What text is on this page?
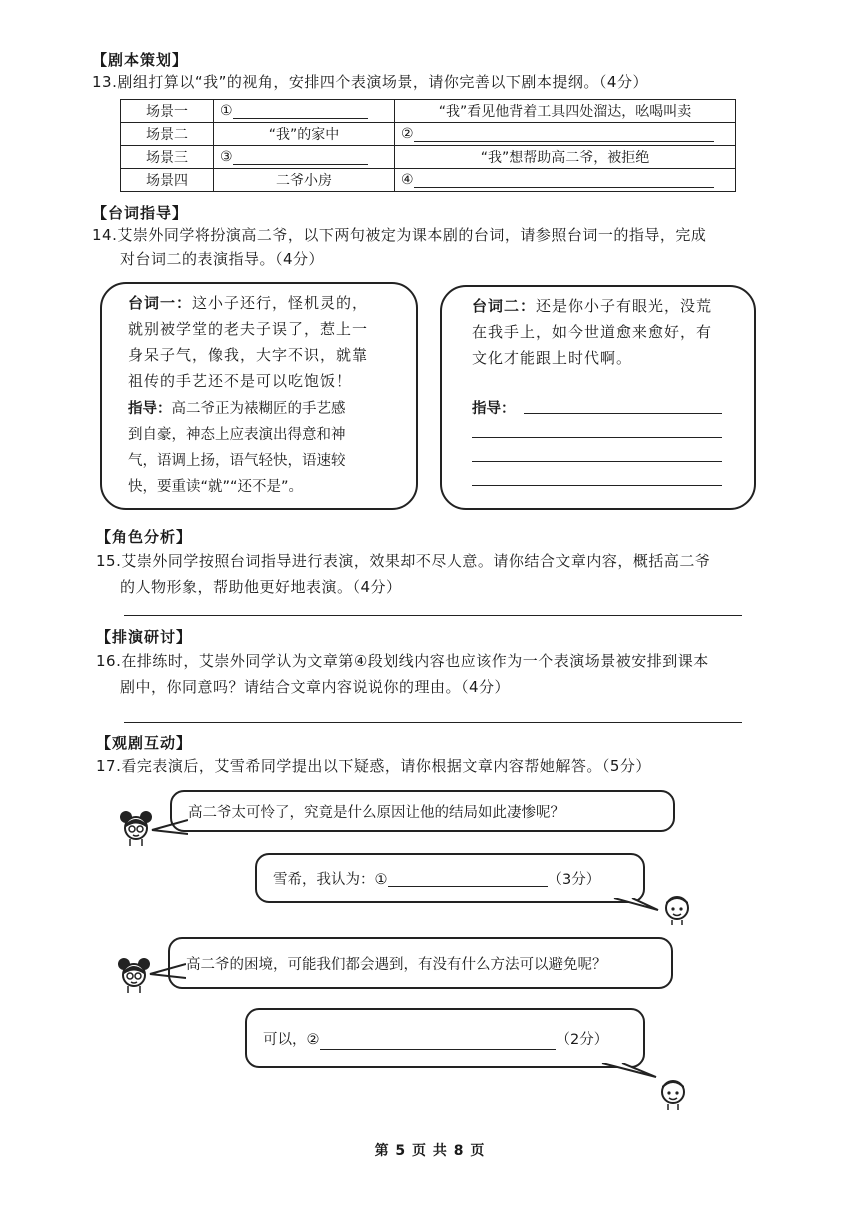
【剧本策划】
13.剧组打算以“我”的视角，安排四个表演场景，请你完善以下剧本提纲。（4分）
场景一	①	“我”看见他背着工具四处溜达，吆喝叫卖
场景二	“我”的家中	②
场景三	③	“我”想帮助高二爷，被拒绝
场景四	二爷小房	④
【台词指导】
14.艾崇外同学将扮演高二爷，以下两句被定为课本剧的台词，请参照台词一的指导，完成
对台词二的表演指导。（4分）
台词一：这小子还行，怪机灵的，
就别被学堂的老夫子误了，惹上一
身呆子气，像我，大字不识，就靠
祖传的手艺还不是可以吃饱饭！
指导：高二爷正为裱糊匠的手艺感
到自豪，神态上应表演出得意和神
气，语调上扬，语气轻快，语速较
快，要重读“就”“还不是”。
台词二：还是你小子有眼光，没荒
在我手上，如今世道愈来愈好，有
文化才能跟上时代啊。
指导：
【角色分析】
15.艾崇外同学按照台词指导进行表演，效果却不尽人意。请你结合文章内容，概括高二爷
的人物形象，帮助他更好地表演。（4分）
【排演研讨】
16.在排练时，艾崇外同学认为文章第④段划线内容也应该作为一个表演场景被安排到课本
剧中，你同意吗？请结合文章内容说说你的理由。（4分）
【观剧互动】
17.看完表演后，艾雪希同学提出以下疑惑，请你根据文章内容帮她解答。（5分）
高二爷太可怜了，究竟是什么原因让他的结局如此凄惨呢？
雪希，我认为：①	（3分）
高二爷的困境，可能我们都会遇到，有没有什么方法可以避免呢？
可以，②	（2分）
第 5 页 共 8 页
